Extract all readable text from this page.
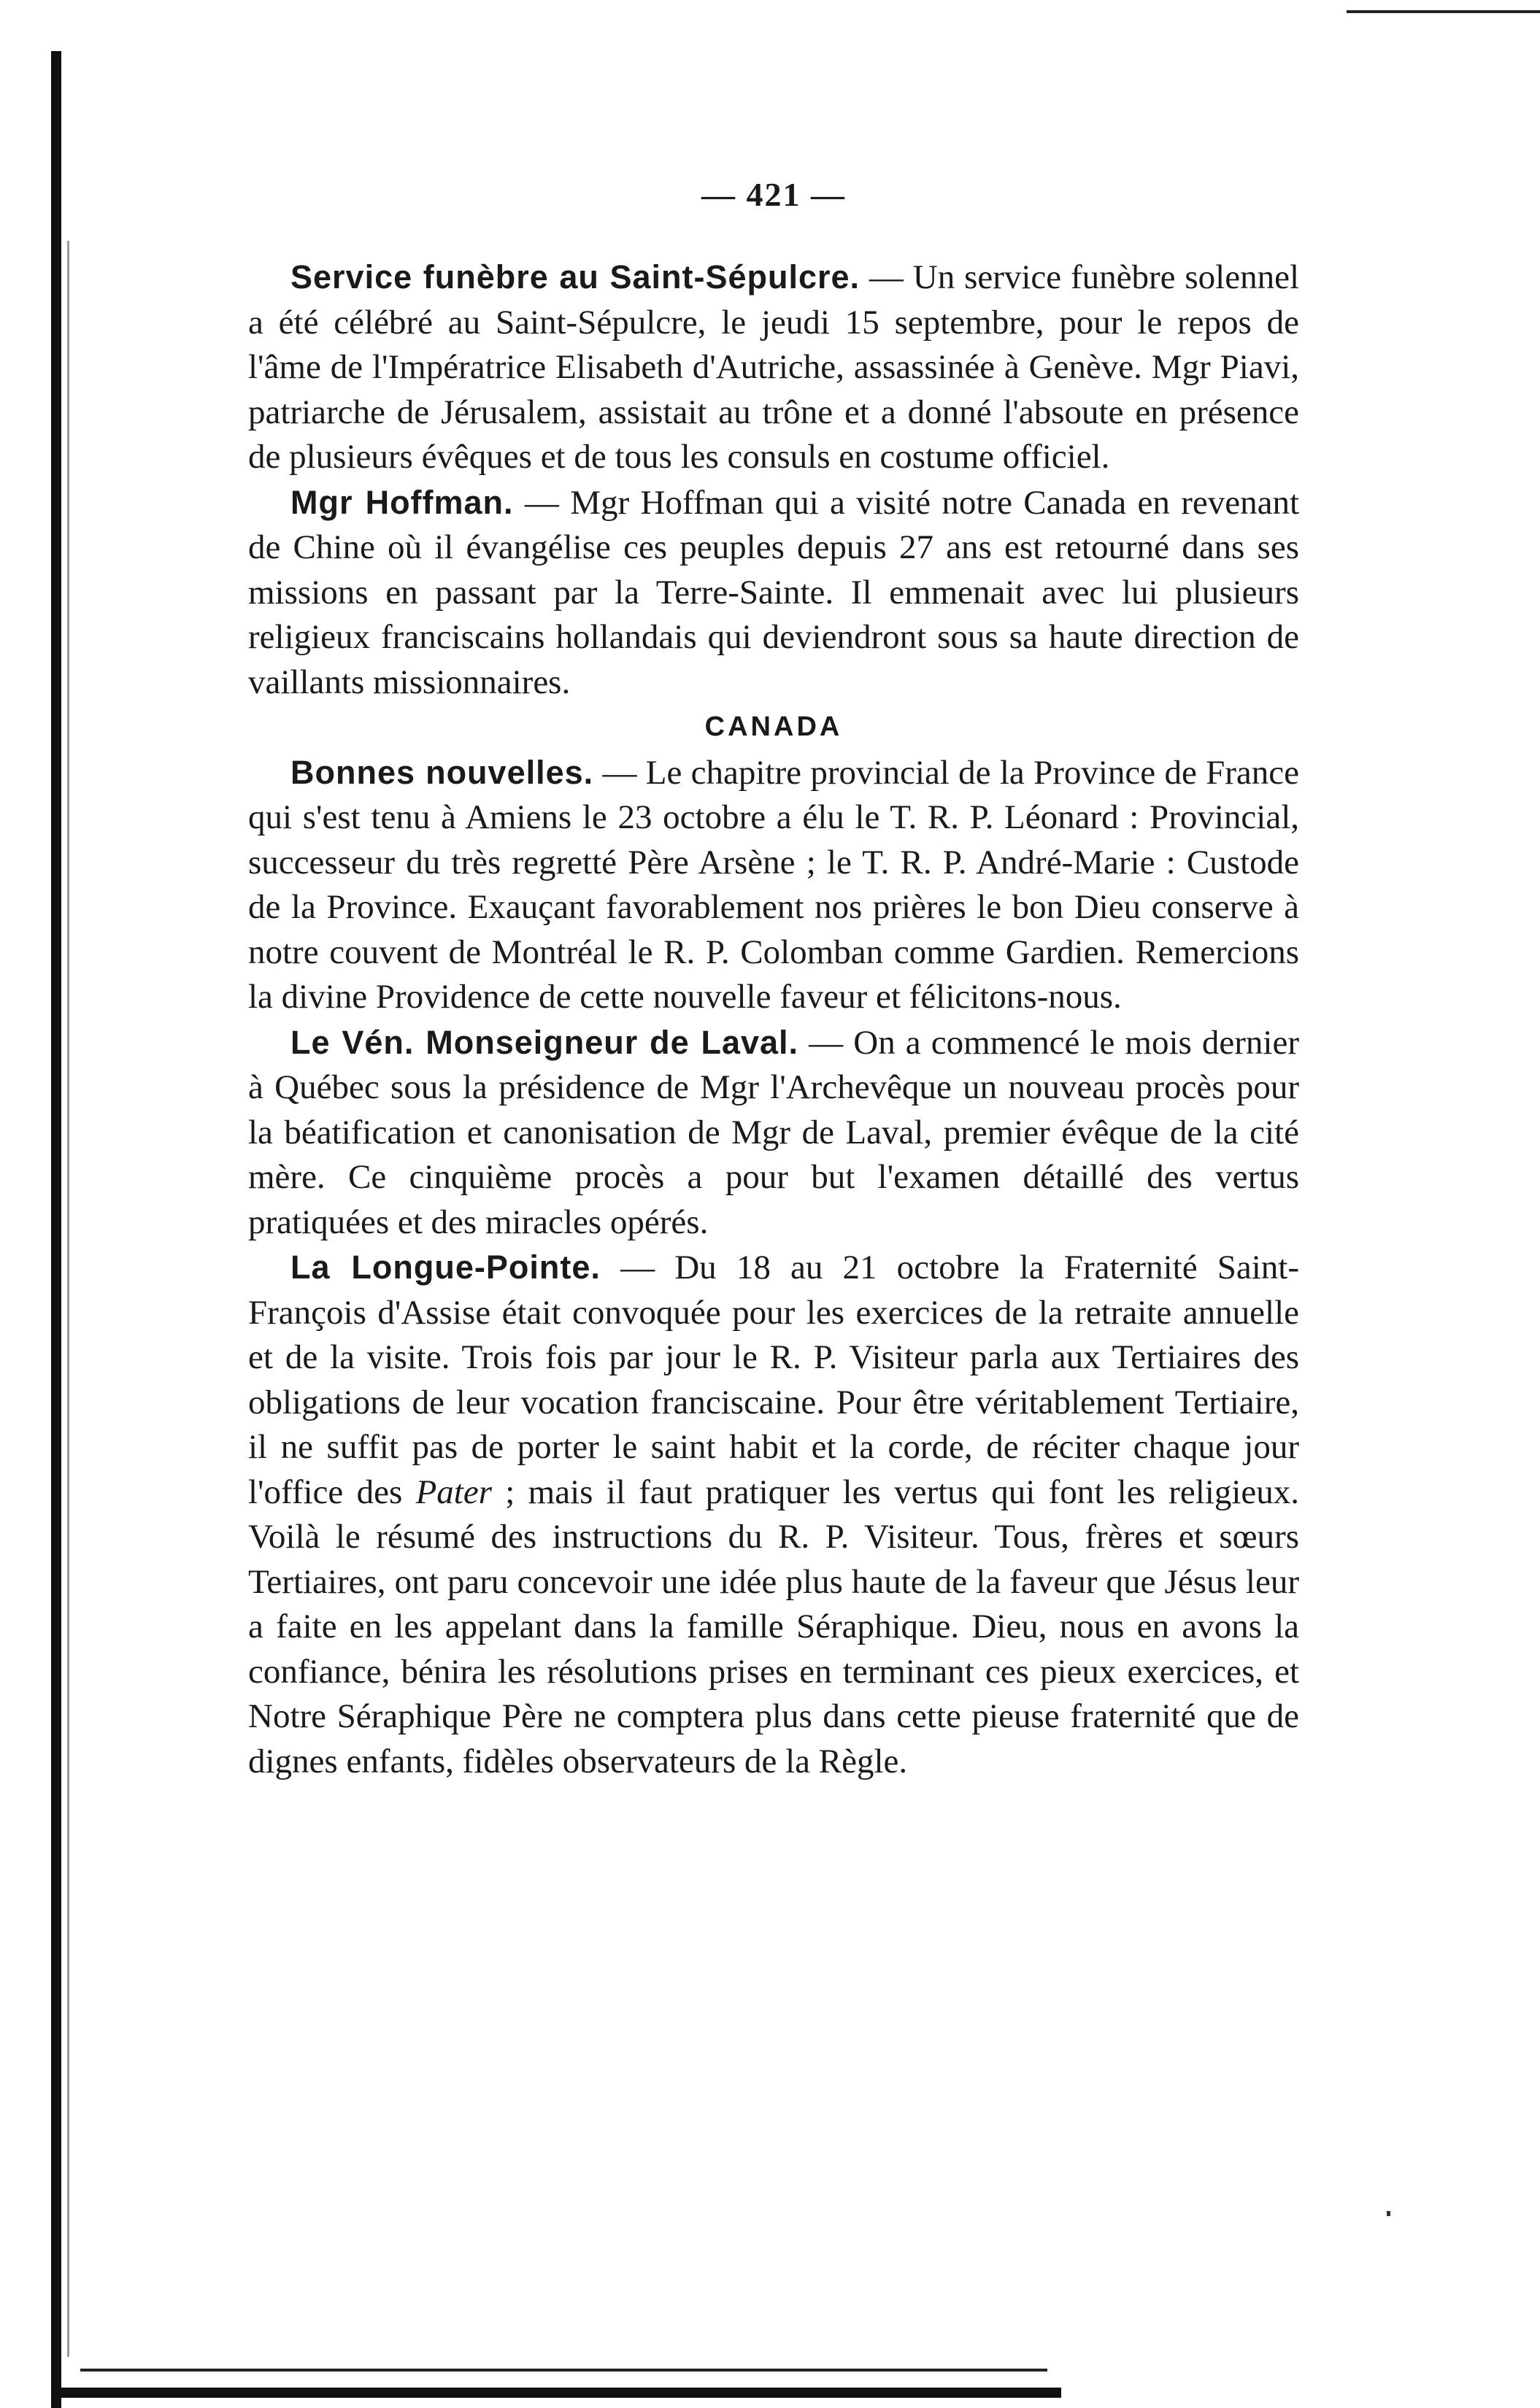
— 421 —

Service funèbre au Saint-Sépulcre. — Un service funèbre solennel a été célébré au Saint-Sépulcre, le jeudi 15 septembre, pour le repos de l'âme de l'Impératrice Elisabeth d'Autriche, assassinée à Genève. Mgr Piavi, patriarche de Jérusalem, assistait au trône et a donné l'absoute en présence de plusieurs évêques et de tous les consuls en costume officiel.

Mgr Hoffman. — Mgr Hoffman qui a visité notre Canada en revenant de Chine où il évangélise ces peuples depuis 27 ans est retourné dans ses missions en passant par la Terre-Sainte. Il emmenait avec lui plusieurs religieux franciscains hollandais qui deviendront sous sa haute direction de vaillants missionnaires.

CANADA

Bonnes nouvelles. — Le chapitre provincial de la Province de France qui s'est tenu à Amiens le 23 octobre a élu le T. R. P. Léonard : Provincial, successeur du très regretté Père Arsène ; le T. R. P. André-Marie : Custode de la Province. Exauçant favorablement nos prières le bon Dieu conserve à notre couvent de Montréal le R. P. Colomban comme Gardien. Remercions la divine Providence de cette nouvelle faveur et félicitons-nous.

Le Vén. Monseigneur de Laval. — On a commencé le mois dernier à Québec sous la présidence de Mgr l'Archevêque un nouveau procès pour la béatification et canonisation de Mgr de Laval, premier évêque de la cité mère. Ce cinquième procès a pour but l'examen détaillé des vertus pratiquées et des miracles opérés.

La Longue-Pointe. — Du 18 au 21 octobre la Fraternité Saint-François d'Assise était convoquée pour les exercices de la retraite annuelle et de la visite. Trois fois par jour le R. P. Visiteur parla aux Tertiaires des obligations de leur vocation franciscaine. Pour être véritablement Tertiaire, il ne suffit pas de porter le saint habit et la corde, de réciter chaque jour l'office des Pater ; mais il faut pratiquer les vertus qui font les religieux. Voilà le résumé des instructions du R. P. Visiteur. Tous, frères et sœurs Tertiaires, ont paru concevoir une idée plus haute de la faveur que Jésus leur a faite en les appelant dans la famille Séraphique. Dieu, nous en avons la confiance, bénira les résolutions prises en terminant ces pieux exercices, et Notre Séraphique Père ne comptera plus dans cette pieuse fraternité que de dignes enfants, fidèles observateurs de la Règle.
